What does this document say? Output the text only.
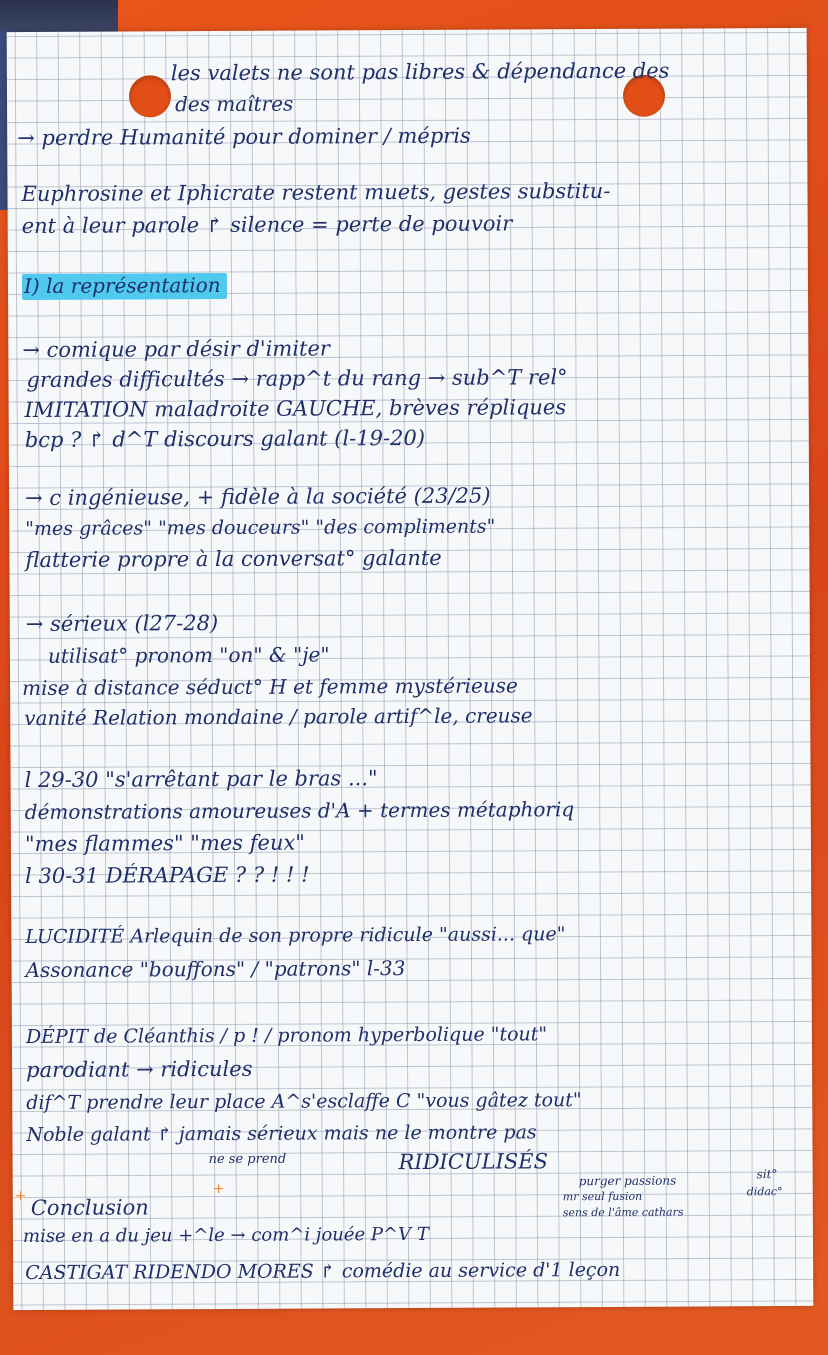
les valets ne sont pas libres & dépendance des
des maîtres
→ perdre Humanité pour dominer / mépris
Euphrosine et Iphicrate restent muets, gestes substitu-
ent à leur parole ↱ silence = perte de pouvoir
I) la représentation
→ comique par désir d'imiter
grandes difficultés → rapp^t du rang → sub^T rel°
IMITATION maladroite GAUCHE, brèves répliques
bcp ? ↱ d^T discours galant (l-19-20)
→ c ingénieuse, + fidèle à la société (23/25)
"mes grâces" "mes douceurs" "des compliments"
flatterie propre à la conversat° galante
→ sérieux (l27-28)
utilisat° pronom "on" & "je"
mise à distance séduct° H et femme mystérieuse
vanité Relation mondaine / parole artif^le, creuse
l 29-30 "s'arrêtant par le bras ..."
démonstrations amoureuses d'A + termes métaphoriq
"mes flammes" "mes feux"
l 30-31 DÉRAPAGE ? ? ! ! !
LUCIDITÉ Arlequin de son propre ridicule "aussi... que"
Assonance "bouffons" / "patrons" l-33
DÉPIT de Cléanthis / p ! / pronom hyperbolique "tout"
parodiant → ridicules
dif^T prendre leur place A^s'esclaffe C "vous gâtez tout"
Noble galant ↱ jamais sérieux mais ne le montre pas
ne se prend	RIDICULISÉS
+	+
Conclusion
purger passions	sit°
mr seul fusion	didac°
sens de l'âme cathars
mise en a du jeu +^le → com^i jouée P^V T
CASTIGAT RIDENDO MORES ↱ comédie au service d'1 leçon
